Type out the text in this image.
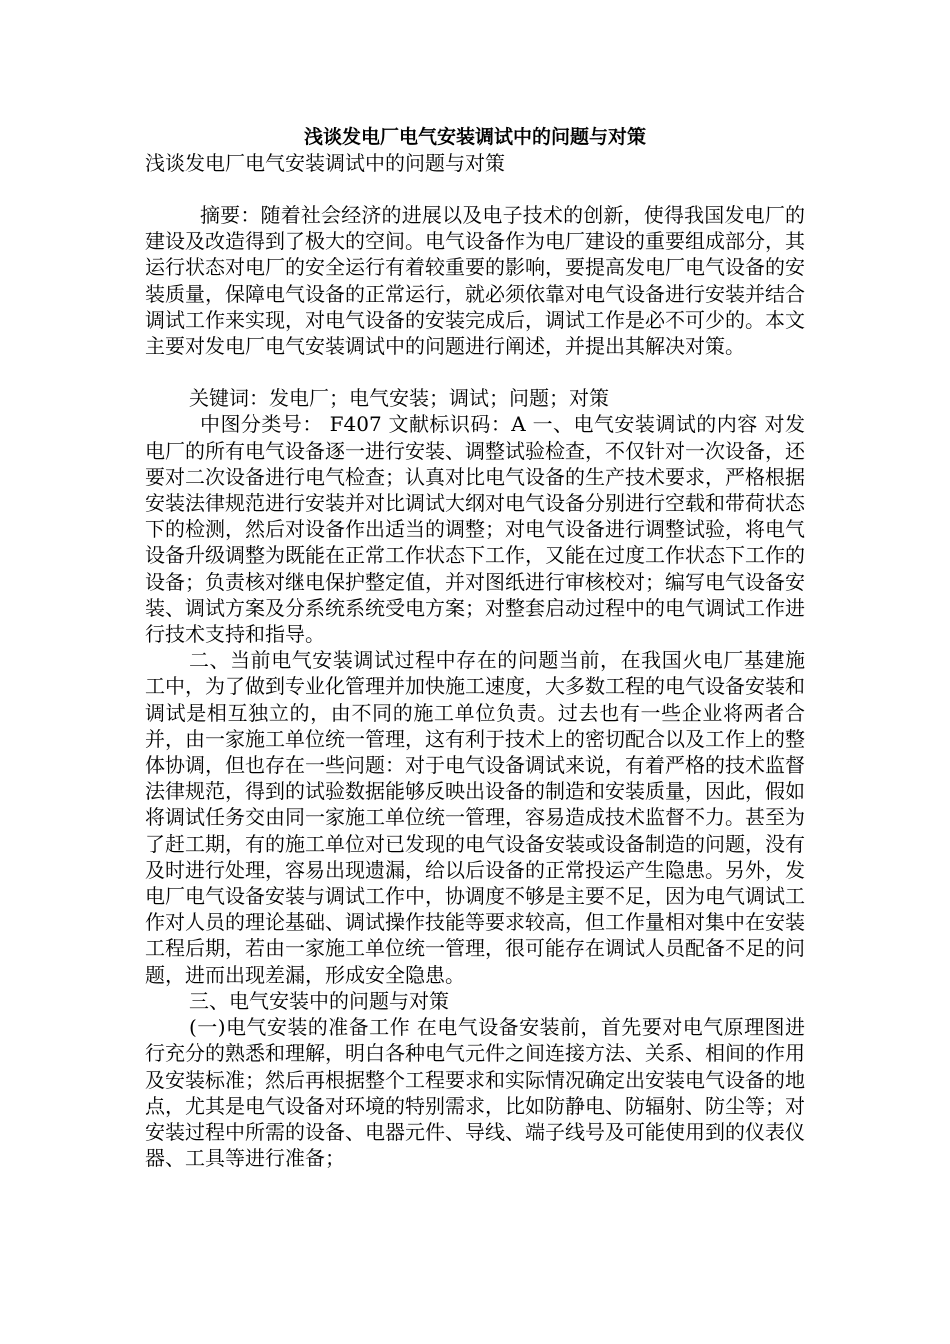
浅谈发电厂电气安装调试中的问题与对策

浅谈发电厂电气安装调试中的问题与对策

摘要：随着社会经济的进展以及电子技术的创新，使得我国发电厂的建设及改造得到了极大的空间。电气设备作为电厂建设的重要组成部分，其运行状态对电厂的安全运行有着较重要的影响，要提高发电厂电气设备的安装质量，保障电气设备的正常运行，就必须依靠对电气设备进行安装并结合调试工作来实现，对电气设备的安装完成后，调试工作是必不可少的。本文主要对发电厂电气安装调试中的问题进行阐述，并提出其解决对策。

关键词：发电厂；电气安装；调试；问题；对策

中图分类号： F407 文献标识码：A 一、电气安装调试的内容 对发电厂的所有电气设备逐一进行安装、调整试验检查，不仅针对一次设备，还要对二次设备进行电气检查；认真对比电气设备的生产技术要求，严格根据安装法律规范进行安装并对比调试大纲对电气设备分别进行空载和带荷状态下的检测，然后对设备作出适当的调整；对电气设备进行调整试验，将电气设备升级调整为既能在正常工作状态下工作，又能在过度工作状态下工作的设备；负责核对继电保护整定值，并对图纸进行审核校对；编写电气设备安装、调试方案及分系统系统受电方案；对整套启动过程中的电气调试工作进行技术支持和指导。

二、当前电气安装调试过程中存在的问题当前，在我国火电厂基建施工中，为了做到专业化管理并加快施工速度，大多数工程的电气设备安装和调试是相互独立的，由不同的施工单位负责。过去也有一些企业将两者合并，由一家施工单位统一管理，这有利于技术上的密切配合以及工作上的整体协调，但也存在一些问题：对于电气设备调试来说，有着严格的技术监督法律规范，得到的试验数据能够反映出设备的制造和安装质量，因此，假如将调试任务交由同一家施工单位统一管理，容易造成技术监督不力。甚至为了赶工期，有的施工单位对已发现的电气设备安装或设备制造的问题，没有及时进行处理，容易出现遗漏，给以后设备的正常投运产生隐患。另外，发电厂电气设备安装与调试工作中，协调度不够是主要不足，因为电气调试工作对人员的理论基础、调试操作技能等要求较高，但工作量相对集中在安装工程后期，若由一家施工单位统一管理，很可能存在调试人员配备不足的问题，进而出现差漏，形成安全隐患。

三、电气安装中的问题与对策

(一)电气安装的准备工作 在电气设备安装前，首先要对电气原理图进行充分的熟悉和理解，明白各种电气元件之间连接方法、关系、相间的作用及安装标准；然后再根据整个工程要求和实际情况确定出安装电气设备的地点，尤其是电气设备对环境的特别需求，比如防静电、防辐射、防尘等；对安装过程中所需的设备、电器元件、导线、端子线号及可能使用到的仪表仪器、工具等进行准备；
